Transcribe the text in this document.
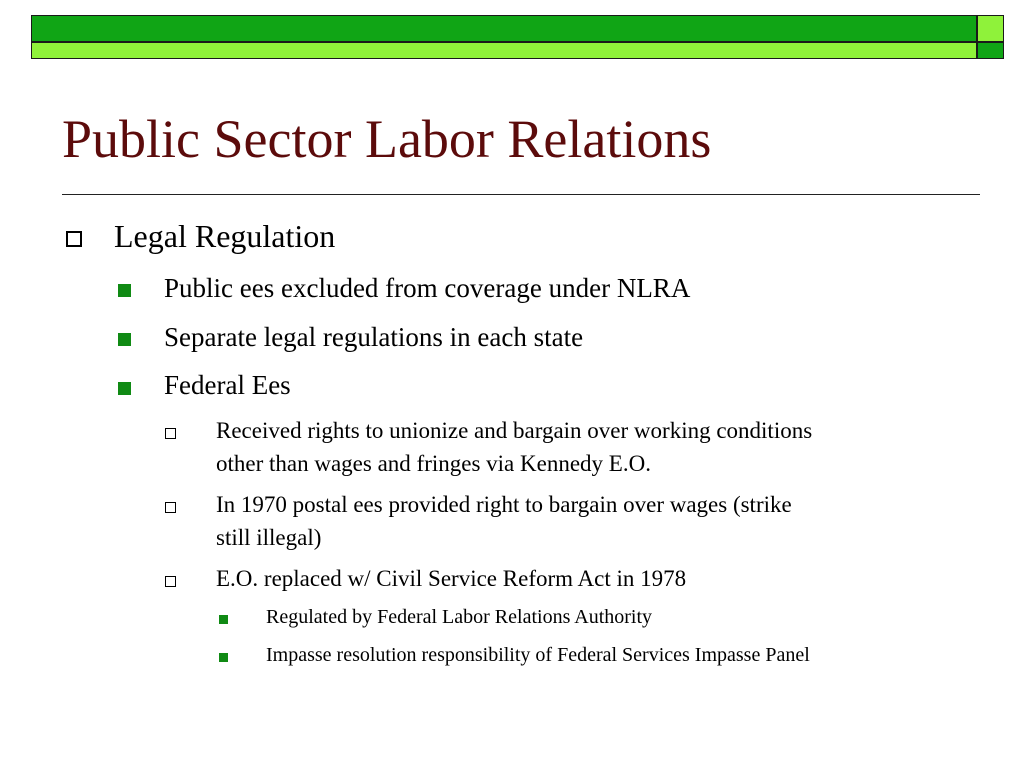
Public Sector Labor Relations
Legal Regulation
Public ees excluded from coverage under NLRA
Separate legal regulations in each state
Federal Ees
Received rights to unionize and bargain over working conditions
other than wages and fringes via Kennedy E.O.
In 1970 postal ees provided right to bargain over wages (strike
still illegal)
E.O. replaced w/ Civil Service Reform Act in 1978
Regulated by Federal Labor Relations Authority
Impasse resolution responsibility of Federal Services Impasse Panel
